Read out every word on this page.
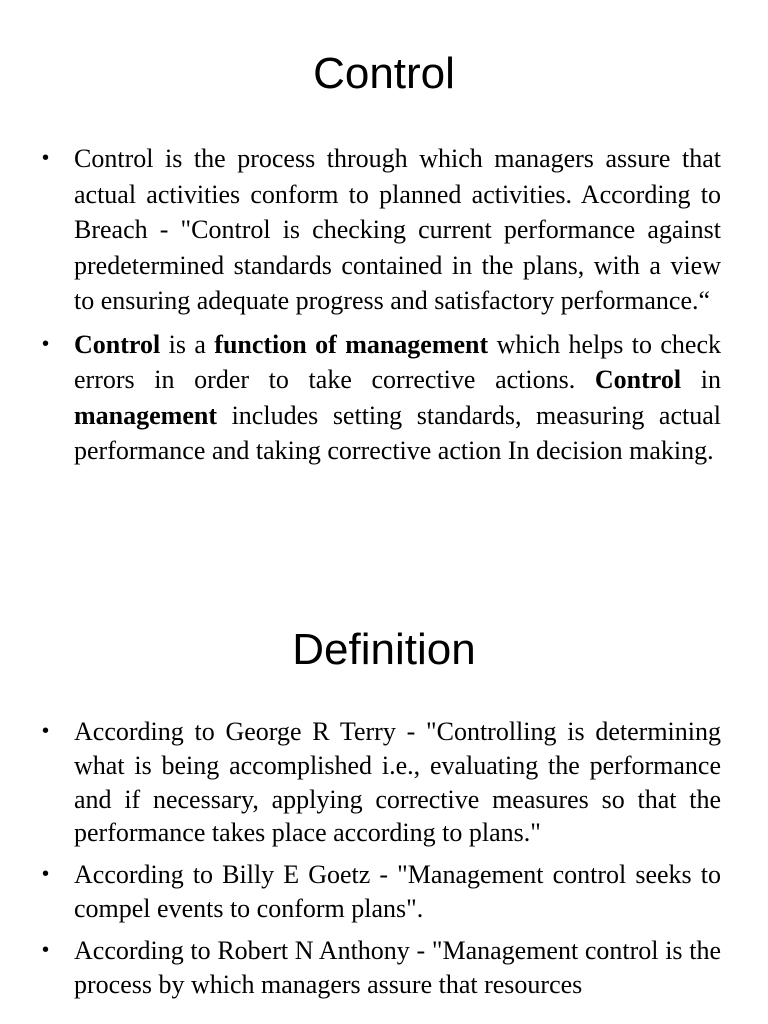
Control
• Control is the process through which managers assure that actual activities conform to planned activities. According to Breach - "Control is checking current performance against predetermined standards contained in the plans, with a view to ensuring adequate progress and satisfactory performance.“
• Control is a function of management which helps to check errors in order to take corrective actions. Control in management includes setting standards, measuring actual performance and taking corrective action In decision making.
Definition
• According to George R Terry - "Controlling is determining what is being accomplished i.e., evaluating the performance and if necessary, applying corrective measures so that the performance takes place according to plans."
• According to Billy E Goetz - "Management control seeks to compel events to conform plans".
• According to Robert N Anthony - "Management control is the process by which managers assure that resources
